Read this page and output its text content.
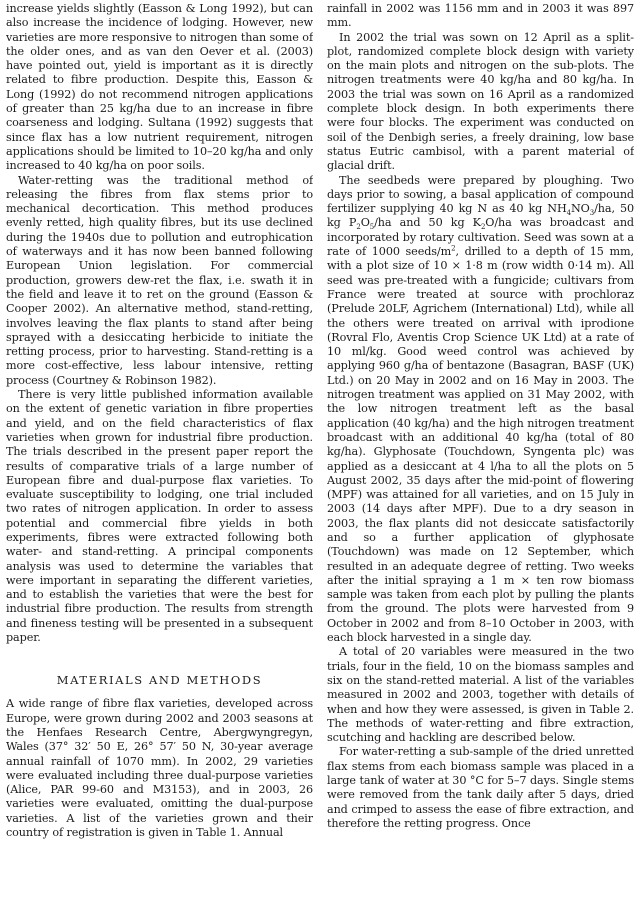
increase yields slightly (Easson & Long 1992), but can also increase the incidence of lodging. However, new varieties are more responsive to nitrogen than some of the older ones, and as van den Oever et al. (2003) have pointed out, yield is important as it is directly related to fibre production. Despite this, Easson & Long (1992) do not recommend nitrogen applications of greater than 25 kg/ha due to an increase in fibre coarseness and lodging. Sultana (1992) suggests that since flax has a low nutrient requirement, nitrogen applications should be limited to 10–20 kg/ha and only increased to 40 kg/ha on poor soils.

Water-retting was the traditional method of releasing the fibres from flax stems prior to mechanical decortication. This method produces evenly retted, high quality fibres, but its use declined during the 1940s due to pollution and eutrophication of waterways and it has now been banned following European Union legislation. For commercial production, growers dew-ret the flax, i.e. swath it in the field and leave it to ret on the ground (Easson & Cooper 2002). An alternative method, stand-retting, involves leaving the flax plants to stand after being sprayed with a desiccating herbicide to initiate the retting process, prior to harvesting. Stand-retting is a more cost-effective, less labour intensive, retting process (Courtney & Robinson 1982).

There is very little published information available on the extent of genetic variation in fibre properties and yield, and on the field characteristics of flax varieties when grown for industrial fibre production. The trials described in the present paper report the results of comparative trials of a large number of European fibre and dual-purpose flax varieties. To evaluate susceptibility to lodging, one trial included two rates of nitrogen application. In order to assess potential and commercial fibre yields in both experiments, fibres were extracted following both water- and stand-retting. A principal components analysis was used to determine the variables that were important in separating the different varieties, and to establish the varieties that were the best for industrial fibre production. The results from strength and fineness testing will be presented in a subsequent paper.

MATERIALS AND METHODS

A wide range of fibre flax varieties, developed across Europe, were grown during 2002 and 2003 seasons at the Henfaes Research Centre, Abergwyngregyn, Wales (37° 32′ 50 E, 26° 57′ 50 N, 30-year average annual rainfall of 1070 mm). In 2002, 29 varieties were evaluated including three dual-purpose varieties (Alice, PAR 99-60 and M3153), and in 2003, 26 varieties were evaluated, omitting the dual-purpose varieties. A list of the varieties grown and their country of registration is given in Table 1. Annual

rainfall in 2002 was 1156 mm and in 2003 it was 897 mm.

In 2002 the trial was sown on 12 April as a split-plot, randomized complete block design with variety on the main plots and nitrogen on the sub-plots. The nitrogen treatments were 40 kg/ha and 80 kg/ha. In 2003 the trial was sown on 16 April as a randomized complete block design. In both experiments there were four blocks. The experiment was conducted on soil of the Denbigh series, a freely draining, low base status Eutric cambisol, with a parent material of glacial drift.

The seedbeds were prepared by ploughing. Two days prior to sowing, a basal application of compound fertilizer supplying 40 kg N as 40 kg $NH_4NO_3/ha$, 50 kg $P_2O_5/ha$ and 50 kg $K_2O/ha$ was broadcast and incorporated by rotary cultivation. Seed was sown at a rate of 1000 seeds/$m^2$, drilled to a depth of 15 mm, with a plot size of 10 × 1·8 m (row width 0·14 m). All seed was pre-treated with a fungicide; cultivars from France were treated at source with prochloraz (Prelude 20LF, Agrichem (International) Ltd), while all the others were treated on arrival with iprodione (Rovral Flo, Aventis Crop Science UK Ltd) at a rate of 10 ml/kg. Good weed control was achieved by applying 960 g/ha of bentazone (Basagran, BASF (UK) Ltd.) on 20 May in 2002 and on 16 May in 2003. The nitrogen treatment was applied on 31 May 2002, with the low nitrogen treatment left as the basal application (40 kg/ha) and the high nitrogen treatment broadcast with an additional 40 kg/ha (total of 80 kg/ha). Glyphosate (Touchdown, Syngenta plc) was applied as a desiccant at 4 l/ha to all the plots on 5 August 2002, 35 days after the mid-point of flowering (MPF) was attained for all varieties, and on 15 July in 2003 (14 days after MPF). Due to a dry season in 2003, the flax plants did not desiccate satisfactorily and so a further application of glyphosate (Touchdown) was made on 12 September, which resulted in an adequate degree of retting. Two weeks after the initial spraying a 1 m × ten row biomass sample was taken from each plot by pulling the plants from the ground. The plots were harvested from 9 October in 2002 and from 8–10 October in 2003, with each block harvested in a single day.

A total of 20 variables were measured in the two trials, four in the field, 10 on the biomass samples and six on the stand-retted material. A list of the variables measured in 2002 and 2003, together with details of when and how they were assessed, is given in Table 2. The methods of water-retting and fibre extraction, scutching and hackling are described below.

For water-retting a sub-sample of the dried unretted flax stems from each biomass sample was placed in a large tank of water at 30 °C for 5–7 days. Single stems were removed from the tank daily after 5 days, dried and crimped to assess the ease of fibre extraction, and therefore the retting progress. Once
